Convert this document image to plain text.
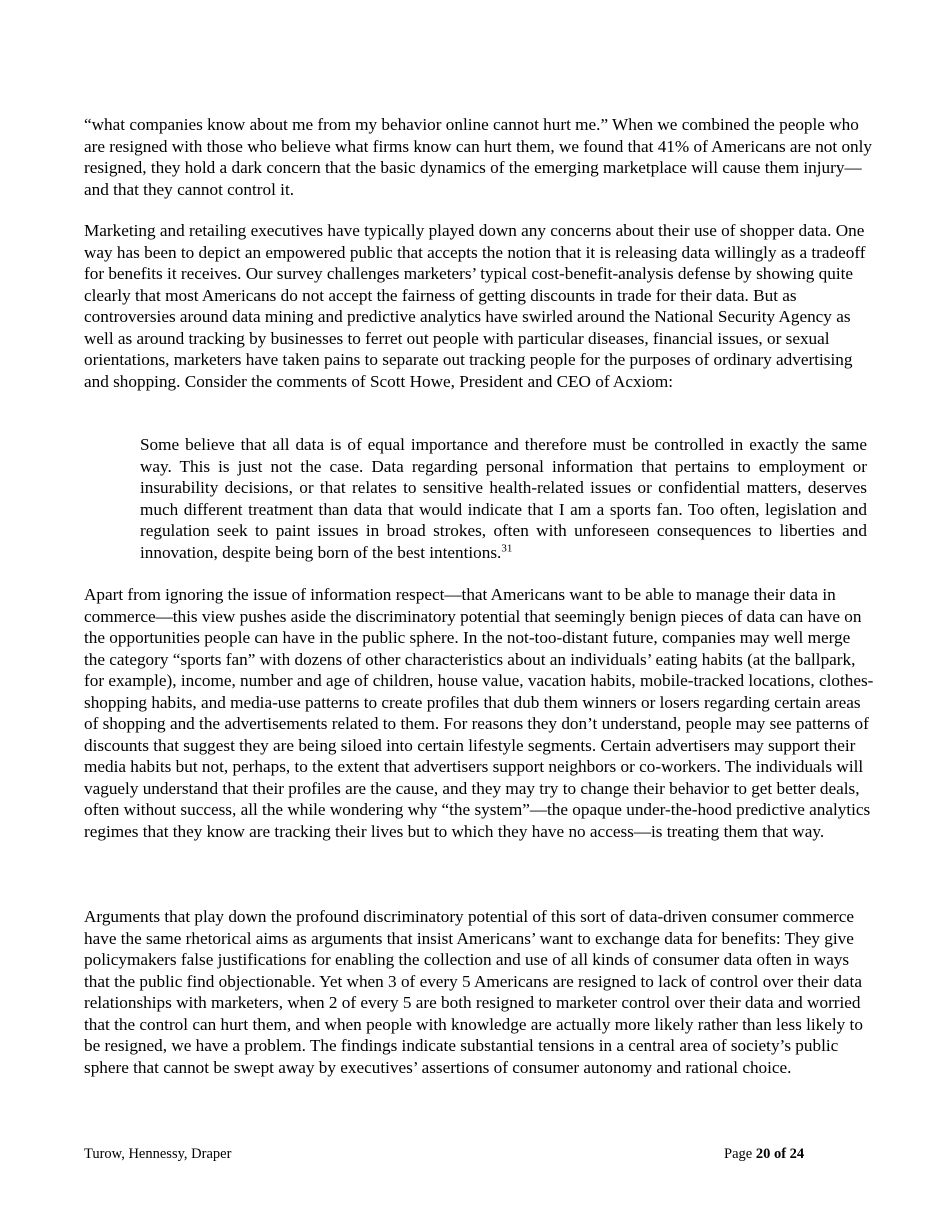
“what companies know about me from my behavior online cannot hurt me.” When we combined the people who are resigned with those who believe what firms know can hurt them, we found that 41% of Americans are not only resigned, they hold a dark concern that the basic dynamics of the emerging marketplace will cause them injury—and that they cannot control it.

Marketing and retailing executives have typically played down any concerns about their use of shopper data. One way has been to depict an empowered public that accepts the notion that it is releasing data willingly as a tradeoff for benefits it receives. Our survey challenges marketers’ typical cost-benefit-analysis defense by showing quite clearly that most Americans do not accept the fairness of getting discounts in trade for their data. But as controversies around data mining and predictive analytics have swirled around the National Security Agency as well as around tracking by businesses to ferret out people with particular diseases, financial issues, or sexual orientations, marketers have taken pains to separate out tracking people for the purposes of ordinary advertising and shopping. Consider the comments of Scott Howe, President and CEO of Acxiom:

Some believe that all data is of equal importance and therefore must be controlled in exactly the same way. This is just not the case. Data regarding personal information that pertains to employment or insurability decisions, or that relates to sensitive health-related issues or confidential matters, deserves much different treatment than data that would indicate that I am a sports fan. Too often, legislation and regulation seek to paint issues in broad strokes, often with unforeseen consequences to liberties and innovation, despite being born of the best intentions.$^{31}$

Apart from ignoring the issue of information respect—that Americans want to be able to manage their data in commerce—this view pushes aside the discriminatory potential that seemingly benign pieces of data can have on the opportunities people can have in the public sphere. In the not-too-distant future, companies may well merge the category “sports fan” with dozens of other characteristics about an individuals’ eating habits (at the ballpark, for example), income, number and age of children, house value, vacation habits, mobile-tracked locations, clothes-shopping habits, and media-use patterns to create profiles that dub them winners or losers regarding certain areas of shopping and the advertisements related to them. For reasons they don’t understand, people may see patterns of discounts that suggest they are being siloed into certain lifestyle segments. Certain advertisers may support their media habits but not, perhaps, to the extent that advertisers support neighbors or co-workers. The individuals will vaguely understand that their profiles are the cause, and they may try to change their behavior to get better deals, often without success, all the while wondering why “the system”—the opaque under-the-hood predictive analytics regimes that they know are tracking their lives but to which they have no access—is treating them that way.

Arguments that play down the profound discriminatory potential of this sort of data-driven consumer commerce have the same rhetorical aims as arguments that insist Americans’ want to exchange data for benefits: They give policymakers false justifications for enabling the collection and use of all kinds of consumer data often in ways that the public find objectionable. Yet when 3 of every 5 Americans are resigned to lack of control over their data relationships with marketers, when 2 of every 5 are both resigned to marketer control over their data and worried that the control can hurt them, and when people with knowledge are actually more likely rather than less likely to be resigned, we have a problem. The findings indicate substantial tensions in a central area of society’s public sphere that cannot be swept away by executives’ assertions of consumer autonomy and rational choice.

Turow, Hennessy, Draper	Page 20 of 24
